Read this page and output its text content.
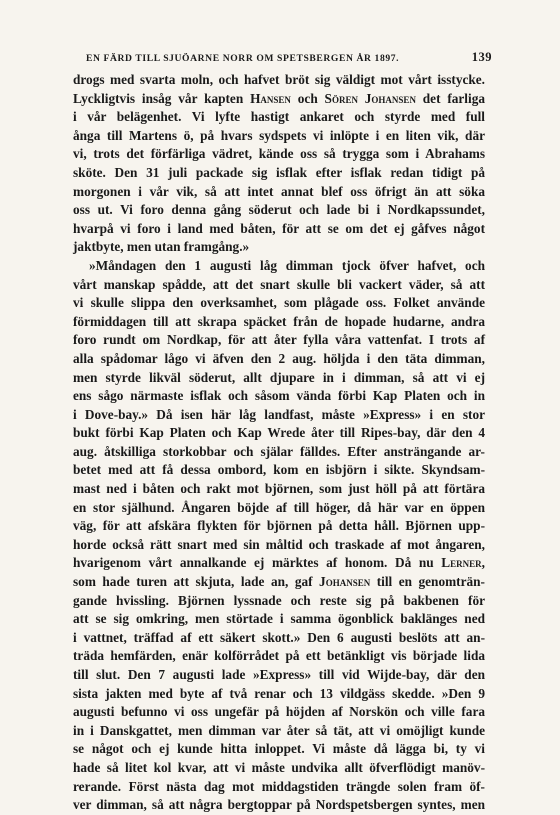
EN FÄRD TILL SJUÖARNE NORR OM SPETSBERGEN ÅR 1897.	139
drogs med svarta moln, och hafvet bröt sig väldigt mot vårt isstycke.
Lyckligtvis insåg vår kapten Hansen och Sören Johansen det farliga
i vår belägenhet. Vi lyfte hastigt ankaret och styrde med full
ånga till Martens ö, på hvars sydspets vi inlöpte i en liten vik, där
vi, trots det förfärliga vädret, kände oss så trygga som i Abrahams
sköte. Den 31 juli packade sig isflak efter isflak redan tidigt på
morgonen i vår vik, så att intet annat blef oss öfrigt än att söka
oss ut. Vi foro denna gång söderut och lade bi i Nordkapssundet,
hvarpå vi foro i land med båten, för att se om det ej gåfves något
jaktbyte, men utan framgång.»
»Måndagen den 1 augusti låg dimman tjock öfver hafvet, och
vårt manskap spådde, att det snart skulle bli vackert väder, så att
vi skulle slippa den overksamhet, som plågade oss. Folket använde
förmiddagen till att skrapa späcket från de hopade hudarne, andra
foro rundt om Nordkap, för att åter fylla våra vattenfat. I trots af
alla spådomar lågo vi äfven den 2 aug. höljda i den täta dimman,
men styrde likväl söderut, allt djupare in i dimman, så att vi ej
ens sågo närmaste isflak och såsom vända förbi Kap Platen och in
i Dove-bay.» Då isen här låg landfast, måste »Express» i en stor
bukt förbi Kap Platen och Kap Wrede åter till Ripes-bay, där den 4
aug. åtskilliga storkobbar och själar fälldes. Efter ansträngande ar-
betet med att få dessa ombord, kom en isbjörn i sikte. Skyndsam-
mast ned i båten och rakt mot björnen, som just höll på att förtära
en stor själhund. Ångaren böjde af till höger, då här var en öppen
väg, för att afskära flykten för björnen på detta håll. Björnen upp-
horde också rätt snart med sin måltid och traskade af mot ångaren,
hvarigenom vårt annalkande ej märktes af honom. Då nu Lerner,
som hade turen att skjuta, lade an, gaf Johansen till en genomträn-
gande hvissling. Björnen lyssnade och reste sig på bakbenen för
att se sig omkring, men störtade i samma ögonblick baklänges ned
i vattnet, träffad af ett säkert skott.» Den 6 augusti beslöts att an-
träda hemfärden, enär kolförrådet på ett betänkligt vis började lida
till slut. Den 7 augusti lade »Express» till vid Wijde-bay, där den
sista jakten med byte af två renar och 13 vildgäss skedde. »Den 9
augusti befunno vi oss ungefär på höjden af Norskön och ville fara
in i Danskgattet, men dimman var åter så tät, att vi omöjligt kunde
se något och ej kunde hitta inloppet. Vi måste då lägga bi, ty vi
hade så litet kol kvar, att vi måste undvika allt öfverflödigt manöv-
rerande. Först nästa dag mot middagstiden trängde solen fram öf-
ver dimman, så att några bergtoppar på Nordspetsbergen syntes, men
